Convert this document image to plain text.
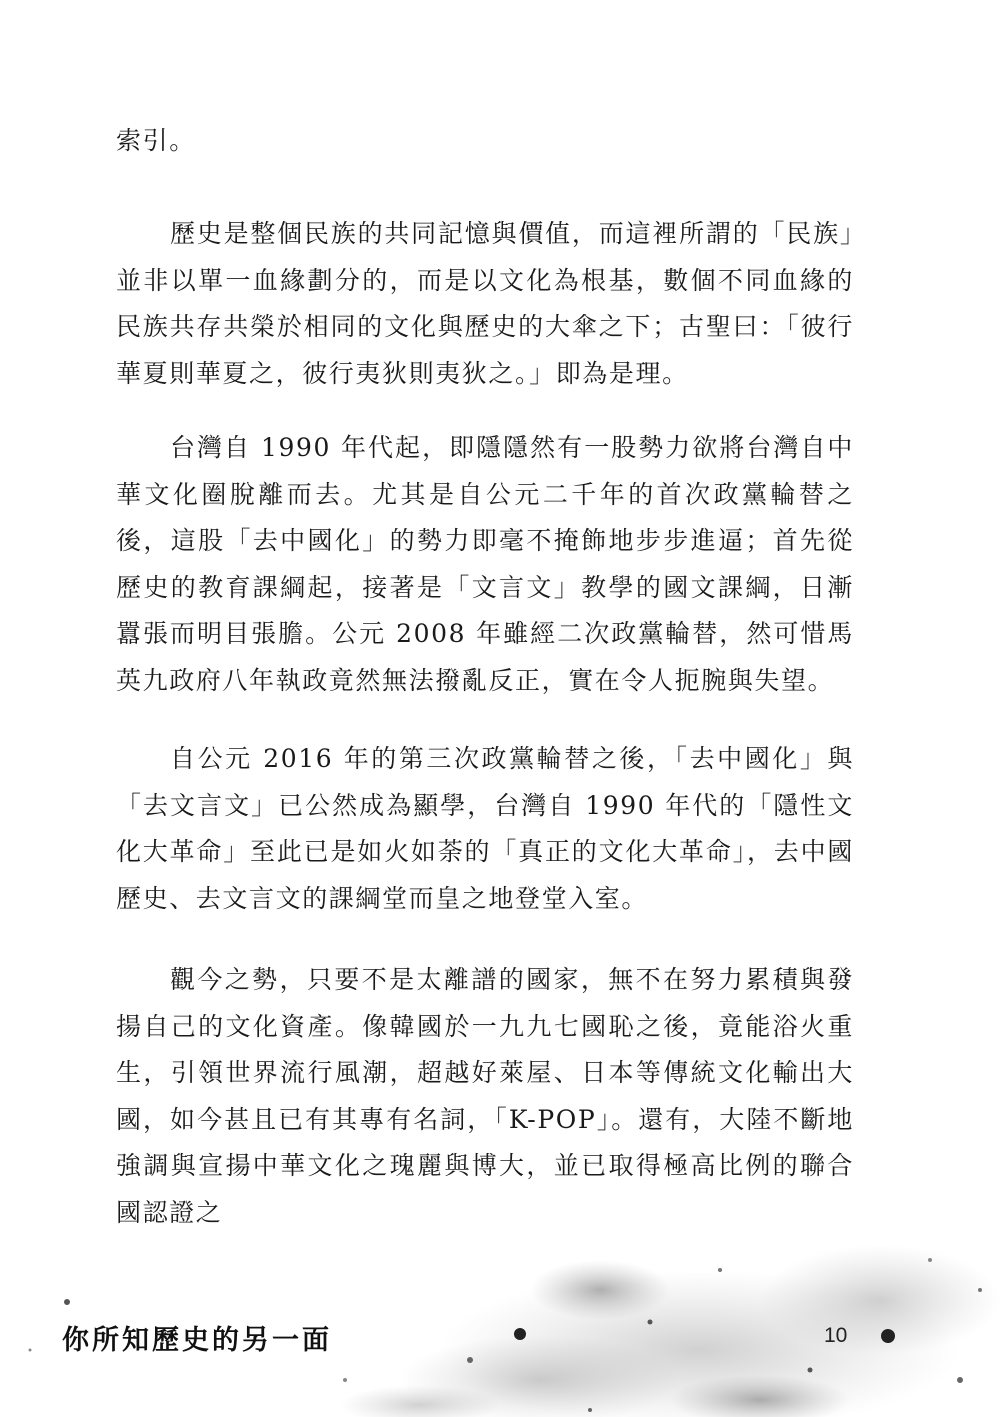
索引。

歷史是整個民族的共同記憶與價值，而這裡所謂的「民族」並非以單一血緣劃分的，而是以文化為根基，數個不同血緣的民族共存共榮於相同的文化與歷史的大傘之下；古聖曰：「彼行華夏則華夏之，彼行夷狄則夷狄之。」即為是理。

台灣自 1990 年代起，即隱隱然有一股勢力欲將台灣自中華文化圈脫離而去。尤其是自公元二千年的首次政黨輪替之後，這股「去中國化」的勢力即毫不掩飾地步步進逼；首先從歷史的教育課綱起，接著是「文言文」教學的國文課綱，日漸囂張而明目張膽。公元 2008 年雖經二次政黨輪替，然可惜馬英九政府八年執政竟然無法撥亂反正，實在令人扼腕與失望。

自公元 2016 年的第三次政黨輪替之後，「去中國化」與「去文言文」已公然成為顯學，台灣自 1990 年代的「隱性文化大革命」至此已是如火如荼的「真正的文化大革命」，去中國歷史、去文言文的課綱堂而皇之地登堂入室。

觀今之勢，只要不是太離譜的國家，無不在努力累積與發揚自己的文化資產。像韓國於一九九七國恥之後，竟能浴火重生，引領世界流行風潮，超越好萊屋、日本等傳統文化輸出大國，如今甚且已有其專有名詞，「K-POP」。還有，大陸不斷地強調與宣揚中華文化之瑰麗與博大，並已取得極高比例的聯合國認證之

你所知歷史的另一面	10
